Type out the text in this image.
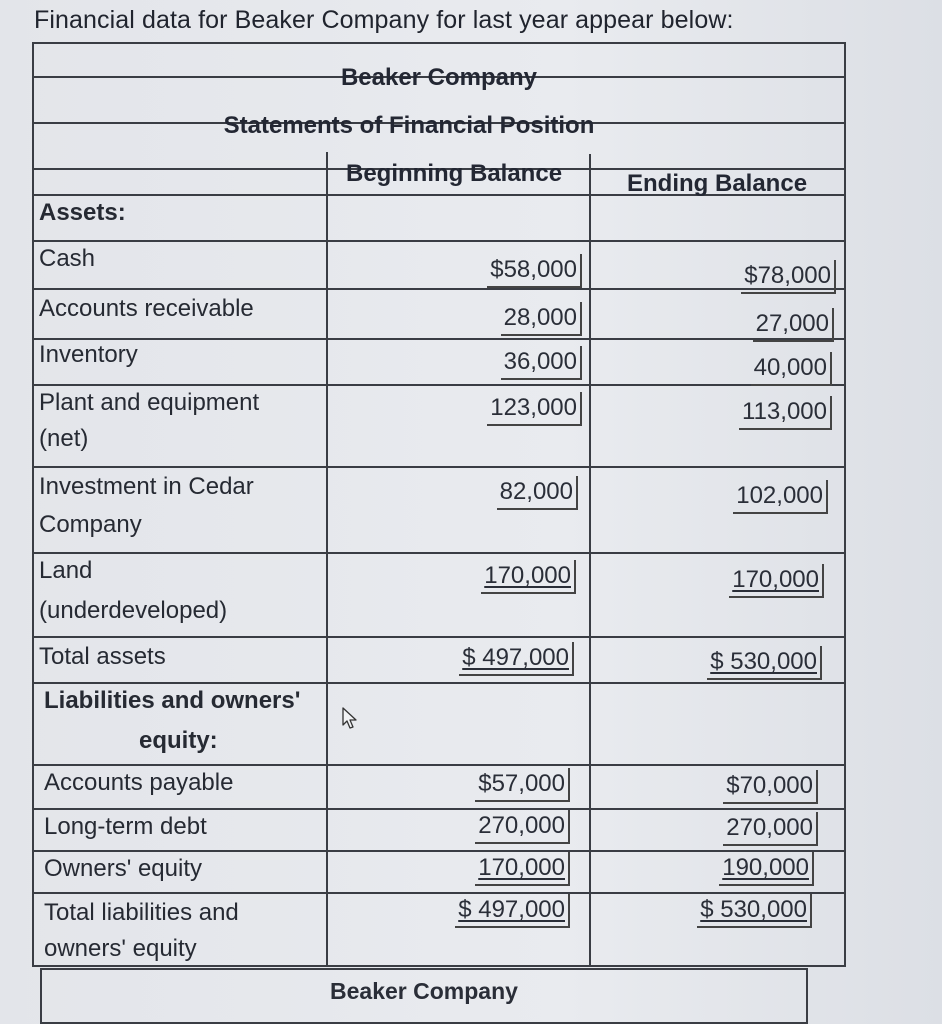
Financial data for Beaker Company for last year appear below:
Beaker Company
Statements of Financial Position
Beginning Balance	Ending Balance
Assets:
Cash
Accounts receivable
Inventory
Plant and equipment
(net)
Investment in Cedar
Company
Land
(underdeveloped)
Total assets
Liabilities and owners'
equity:
Accounts payable
Long-term debt
Owners' equity
Total liabilities and
owners' equity
$58,000
28,000
36,000
123,000
82,000
170,000
$ 497,000
$57,000
270,000
170,000
$ 497,000
$78,000
27,000
40,000
113,000
102,000
170,000
$ 530,000
$70,000
270,000
190,000
$ 530,000
Beaker Company
